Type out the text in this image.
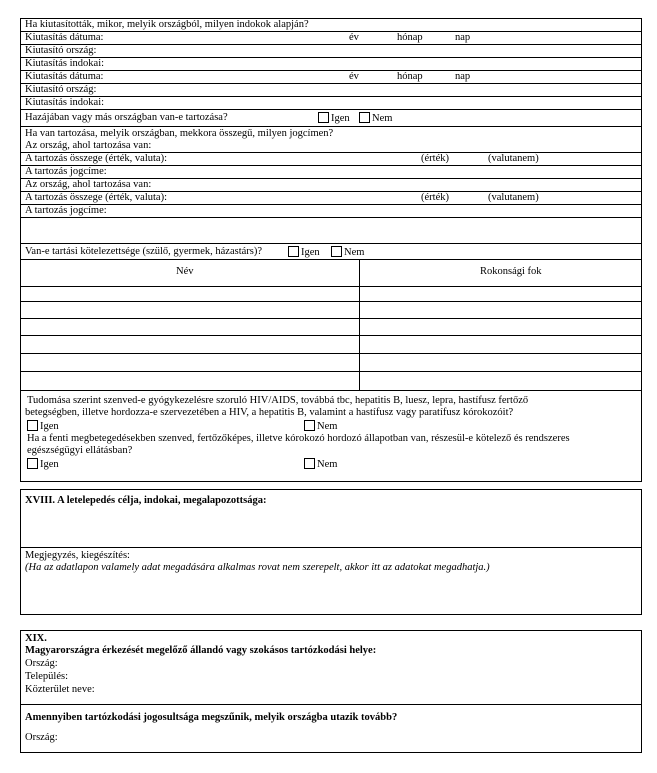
Ha kiutasították, mikor, melyik országból, milyen indokok alapján?
Kiutasítás dátuma:	év	hónap	nap
Kiutasító ország:
Kiutasítás indokai:
Kiutasítás dátuma:	év	hónap	nap
Kiutasító ország:
Kiutasítás indokai:
Hazájában vagy más országban van-e tartozása?	Igen	Nem
Ha van tartozása, melyik országban, mekkora összegű, milyen jogcímen?
Az ország, ahol tartozása van:
A tartozás összege (érték, valuta):	(érték)	(valutanem)
A tartozás jogcíme:
Az ország, ahol tartozása van:
A tartozás összege (érték, valuta):	(érték)	(valutanem)
A tartozás jogcíme:
Van-e tartási kötelezettsége (szülő, gyermek, házastárs)?	Igen	Nem
Név	Rokonsági fok
Tudomása szerint szenved-e gyógykezelésre szoruló HIV/AIDS, továbbá tbc, hepatitis B, luesz, lepra, hastífusz fertőző
betegségben, illetve hordozza-e szervezetében a HIV, a hepatitis B, valamint a hastífusz vagy paratífusz kórokozóit?
Igen	Nem
Ha a fenti megbetegedésekben szenved, fertőzőképes, illetve kórokozó hordozó állapotban van, részesül-e kötelező és rendszeres
egészségügyi ellátásban?
Igen	Nem
XVIII. A letelepedés célja, indokai, megalapozottsága:
Megjegyzés, kiegészítés:
(Ha az adatlapon valamely adat megadására alkalmas rovat nem szerepelt, akkor itt az adatokat megadhatja.)
XIX.
Magyarországra érkezését megelőző állandó vagy szokásos tartózkodási helye:
Ország:
Település:
Közterület neve:
Amennyiben tartózkodási jogosultsága megszűnik, melyik országba utazik tovább?
Ország:
